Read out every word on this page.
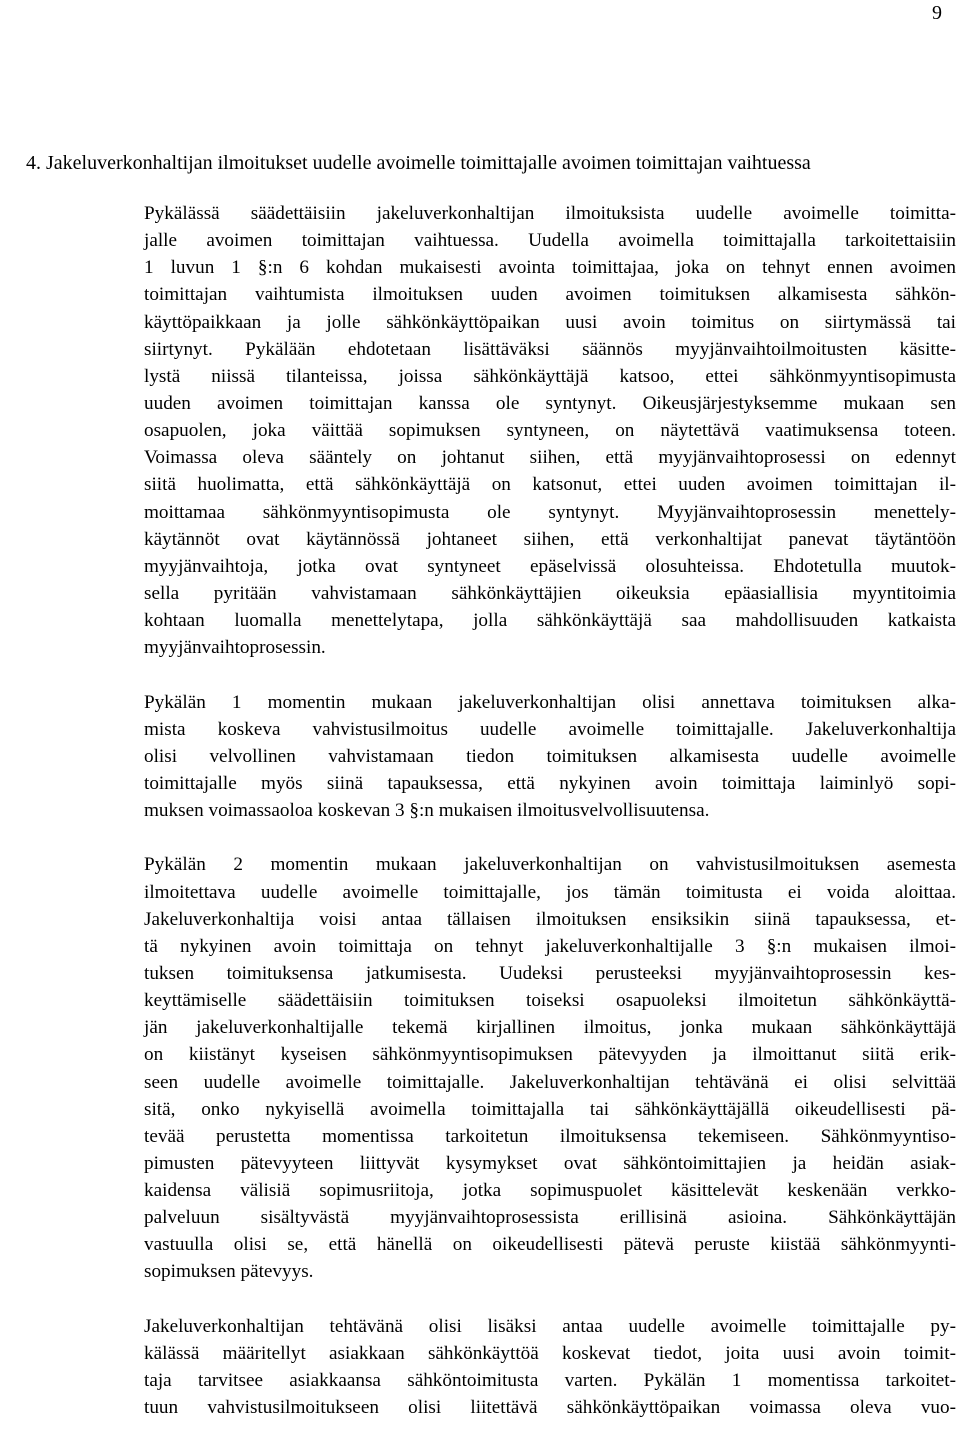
9
4 . Jakeluverkonhaltijan ilmoitukset uudelle avoimelle toimittajalle avoimen toimittajan vaihtuessa
Pykälässä säädettäisiin jakeluverkonhaltijan ilmoituksista uudelle avoimelle toimitta-
jalle avoimen toimittajan vaihtuessa. Uudella avoimella toimittajalla tarkoitettaisiin
1 luvun 1 §:n 6 kohdan mukaisesti avointa toimittajaa, joka on tehnyt ennen avoimen
toimittajan vaihtumista ilmoituksen uuden avoimen toimituksen alkamisesta sähkön-
käyttöpaikkaan ja jolle sähkönkäyttöpaikan uusi avoin toimitus on siirtymässä tai
siirtynyt. Pykälään ehdotetaan lisättäväksi säännös myyjänvaihtoilmoitusten käsitte-
lystä niissä tilanteissa, joissa sähkönkäyttäjä katsoo, ettei sähkönmyyntisopimusta
uuden avoimen toimittajan kanssa ole syntynyt. Oikeusjärjestyksemme mukaan sen
osapuolen, joka väittää sopimuksen syntyneen, on näytettävä vaatimuksensa toteen.
Voimassa oleva sääntely on johtanut siihen, että myyjänvaihtoprosessi on edennyt
siitä huolimatta, että sähkönkäyttäjä on katsonut, ettei uuden avoimen toimittajan il-
moittamaa sähkönmyyntisopimusta ole syntynyt. Myyjänvaihtoprosessin menettely-
käytännöt ovat käytännössä johtaneet siihen, että verkonhaltijat panevat täytäntöön
myyjänvaihtoja, jotka ovat syntyneet epäselvissä olosuhteissa. Ehdotetulla muutok-
sella pyritään vahvistamaan sähkönkäyttäjien oikeuksia epäasiallisia myyntitoimia
kohtaan luomalla menettelytapa, jolla sähkönkäyttäjä saa mahdollisuuden katkaista
myyjänvaihtoprosessin.
Pykälän 1 momentin mukaan jakeluverkonhaltijan olisi annettava toimituksen alka-
mista koskeva vahvistusilmoitus uudelle avoimelle toimittajalle. Jakeluverkonhaltija
olisi velvollinen vahvistamaan tiedon toimituksen alkamisesta uudelle avoimelle
toimittajalle myös siinä tapauksessa, että nykyinen avoin toimittaja laiminlyö sopi-
muksen voimassaoloa koskevan 3 §:n mukaisen ilmoitusvelvollisuutensa.
Pykälän 2 momentin mukaan jakeluverkonhaltijan on vahvistusilmoituksen asemesta
ilmoitettava uudelle avoimelle toimittajalle, jos tämän toimitusta ei voida aloittaa.
Jakeluverkonhaltija voisi antaa tällaisen ilmoituksen ensiksikin siinä tapauksessa, et-
tä nykyinen avoin toimittaja on tehnyt jakeluverkonhaltijalle 3 §:n mukaisen ilmoi-
tuksen toimituksensa jatkumisesta. Uudeksi perusteeksi myyjänvaihtoprosessin kes-
keyttämiselle säädettäisiin toimituksen toiseksi osapuoleksi ilmoitetun sähkönkäyttä-
jän jakeluverkonhaltijalle tekemä kirjallinen ilmoitus, jonka mukaan sähkönkäyttäjä
on kiistänyt kyseisen sähkönmyyntisopimuksen pätevyyden ja ilmoittanut siitä erik-
seen uudelle avoimelle toimittajalle. Jakeluverkonhaltijan tehtävänä ei olisi selvittää
sitä, onko nykyisellä avoimella toimittajalla tai sähkönkäyttäjällä oikeudellisesti pä-
tevää perustetta momentissa tarkoitetun ilmoituksensa tekemiseen. Sähkönmyyntiso-
pimusten pätevyyteen liittyvät kysymykset ovat sähköntoimittajien ja heidän asiak-
kaidensa välisiä sopimusriitoja, jotka sopimuspuolet käsittelevät keskenään verkko-
palveluun sisältyvästä myyjänvaihtoprosessista erillisinä asioina. Sähkönkäyttäjän
vastuulla olisi se, että hänellä on oikeudellisesti pätevä peruste kiistää sähkönmyynti-
sopimuksen pätevyys.
Jakeluverkonhaltijan tehtävänä olisi lisäksi antaa uudelle avoimelle toimittajalle py-
kälässä määritellyt asiakkaan sähkönkäyttöä koskevat tiedot, joita uusi avoin toimit-
taja tarvitsee asiakkaansa sähköntoimitusta varten. Pykälän 1 momentissa tarkoitet-
tuun vahvistusilmoitukseen olisi liitettävä sähkönkäyttöpaikan voimassa oleva vuo-
